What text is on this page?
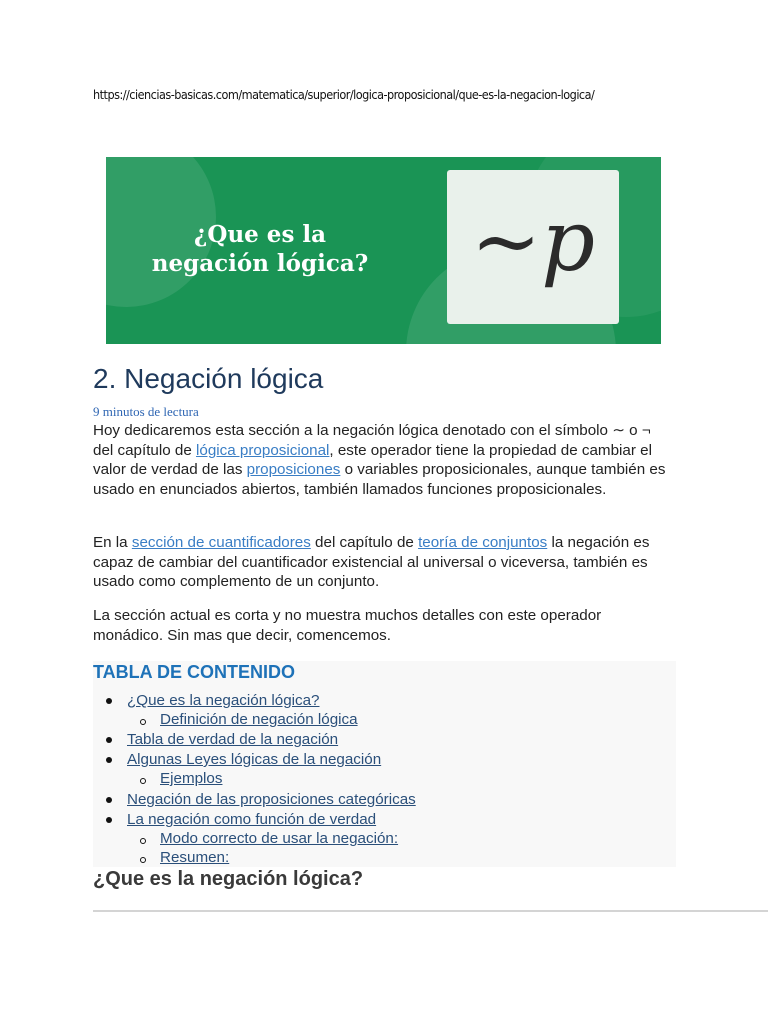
https://ciencias-basicas.com/matematica/superior/logica-proposicional/que-es-la-negacion-logica/
¿Que es la negación lógica? ~p
2. Negación lógica
9 minutos de lectura

Hoy dedicaremos esta sección a la negación lógica denotado con el símbolo ∼ o ¬ del capítulo de lógica proposicional, este operador tiene la propiedad de cambiar el valor de verdad de las proposiciones o variables proposicionales, aunque también es usado en enunciados abiertos, también llamados funciones proposicionales.

En la sección de cuantificadores del capítulo de teoría de conjuntos la negación es capaz de cambiar del cuantificador existencial al universal o viceversa, también es usado como complemento de un conjunto.

La sección actual es corta y no muestra muchos detalles con este operador monádico. Sin mas que decir, comencemos.

TABLA DE CONTENIDO
¿Que es la negación lógica?
Definición de negación lógica
Tabla de verdad de la negación
Algunas Leyes lógicas de la negación
Ejemplos
Negación de las proposiciones categóricas
La negación como función de verdad
Modo correcto de usar la negación:
Resumen:
¿Que es la negación lógica?
